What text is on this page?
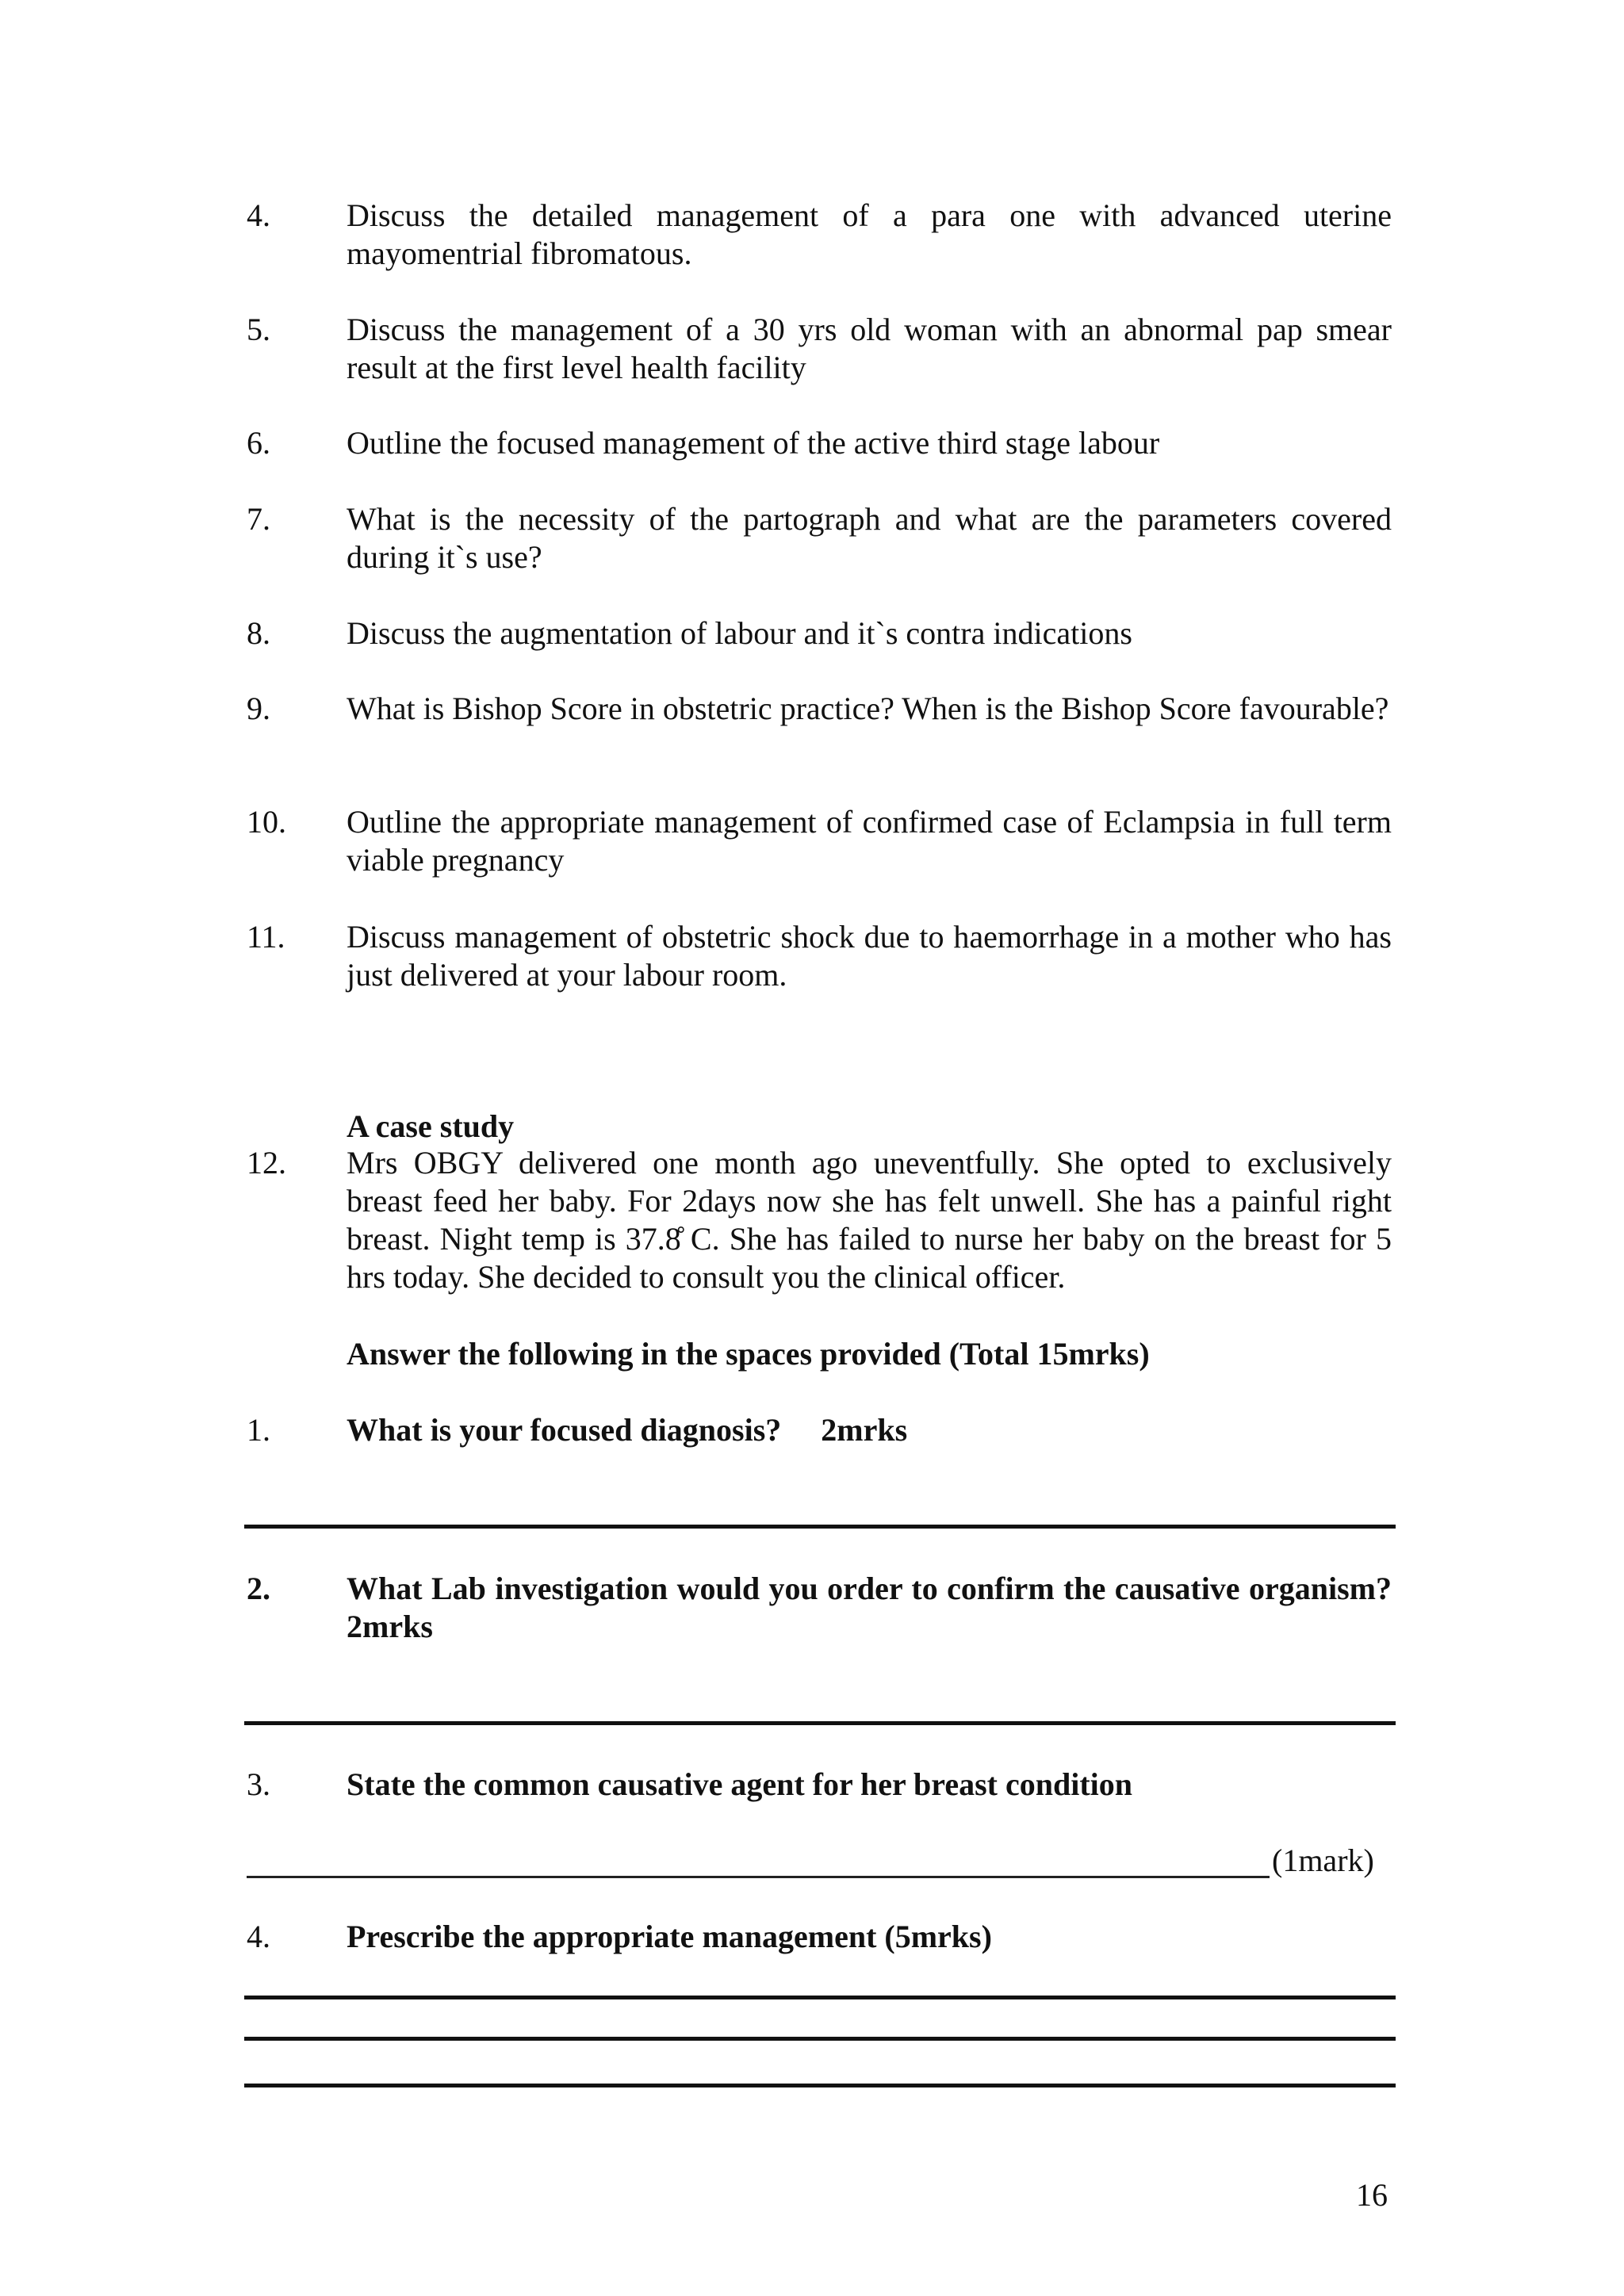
4.	Discuss the detailed management of a para one with advanced uterine mayomentrial fibromatous.
5.	Discuss the management of a 30 yrs old woman with an abnormal pap smear result at the first level health facility
6.	Outline the focused management of the active third stage labour
7.	What is the necessity of the partograph and what are the parameters covered during it`s use?
8.	Discuss the augmentation of labour and it`s contra indications
9.	What is Bishop Score in obstetric practice? When is the Bishop Score favourable?
10.	Outline the appropriate management of confirmed case of Eclampsia in full term viable pregnancy
11.	Discuss management of obstetric shock due to haemorrhage in a mother who has just delivered at your labour room.
A case study
12.	Mrs OBGY delivered one month ago uneventfully. She opted to exclusively breast feed her baby. For 2days now she has felt unwell. She has a painful right breast. Night temp is 37.8̊ C. She has failed to nurse her baby on the breast for 5 hrs today. She decided to consult you the clinical officer.
Answer the following in the spaces provided (Total 15mrks)
1.	What is your focused diagnosis?     2mrks
2.	What Lab investigation would you order to confirm the causative organism?     2mrks
3.	State the common causative agent for her breast condition
(1mark)
4.	Prescribe the appropriate management (5mrks)
16
